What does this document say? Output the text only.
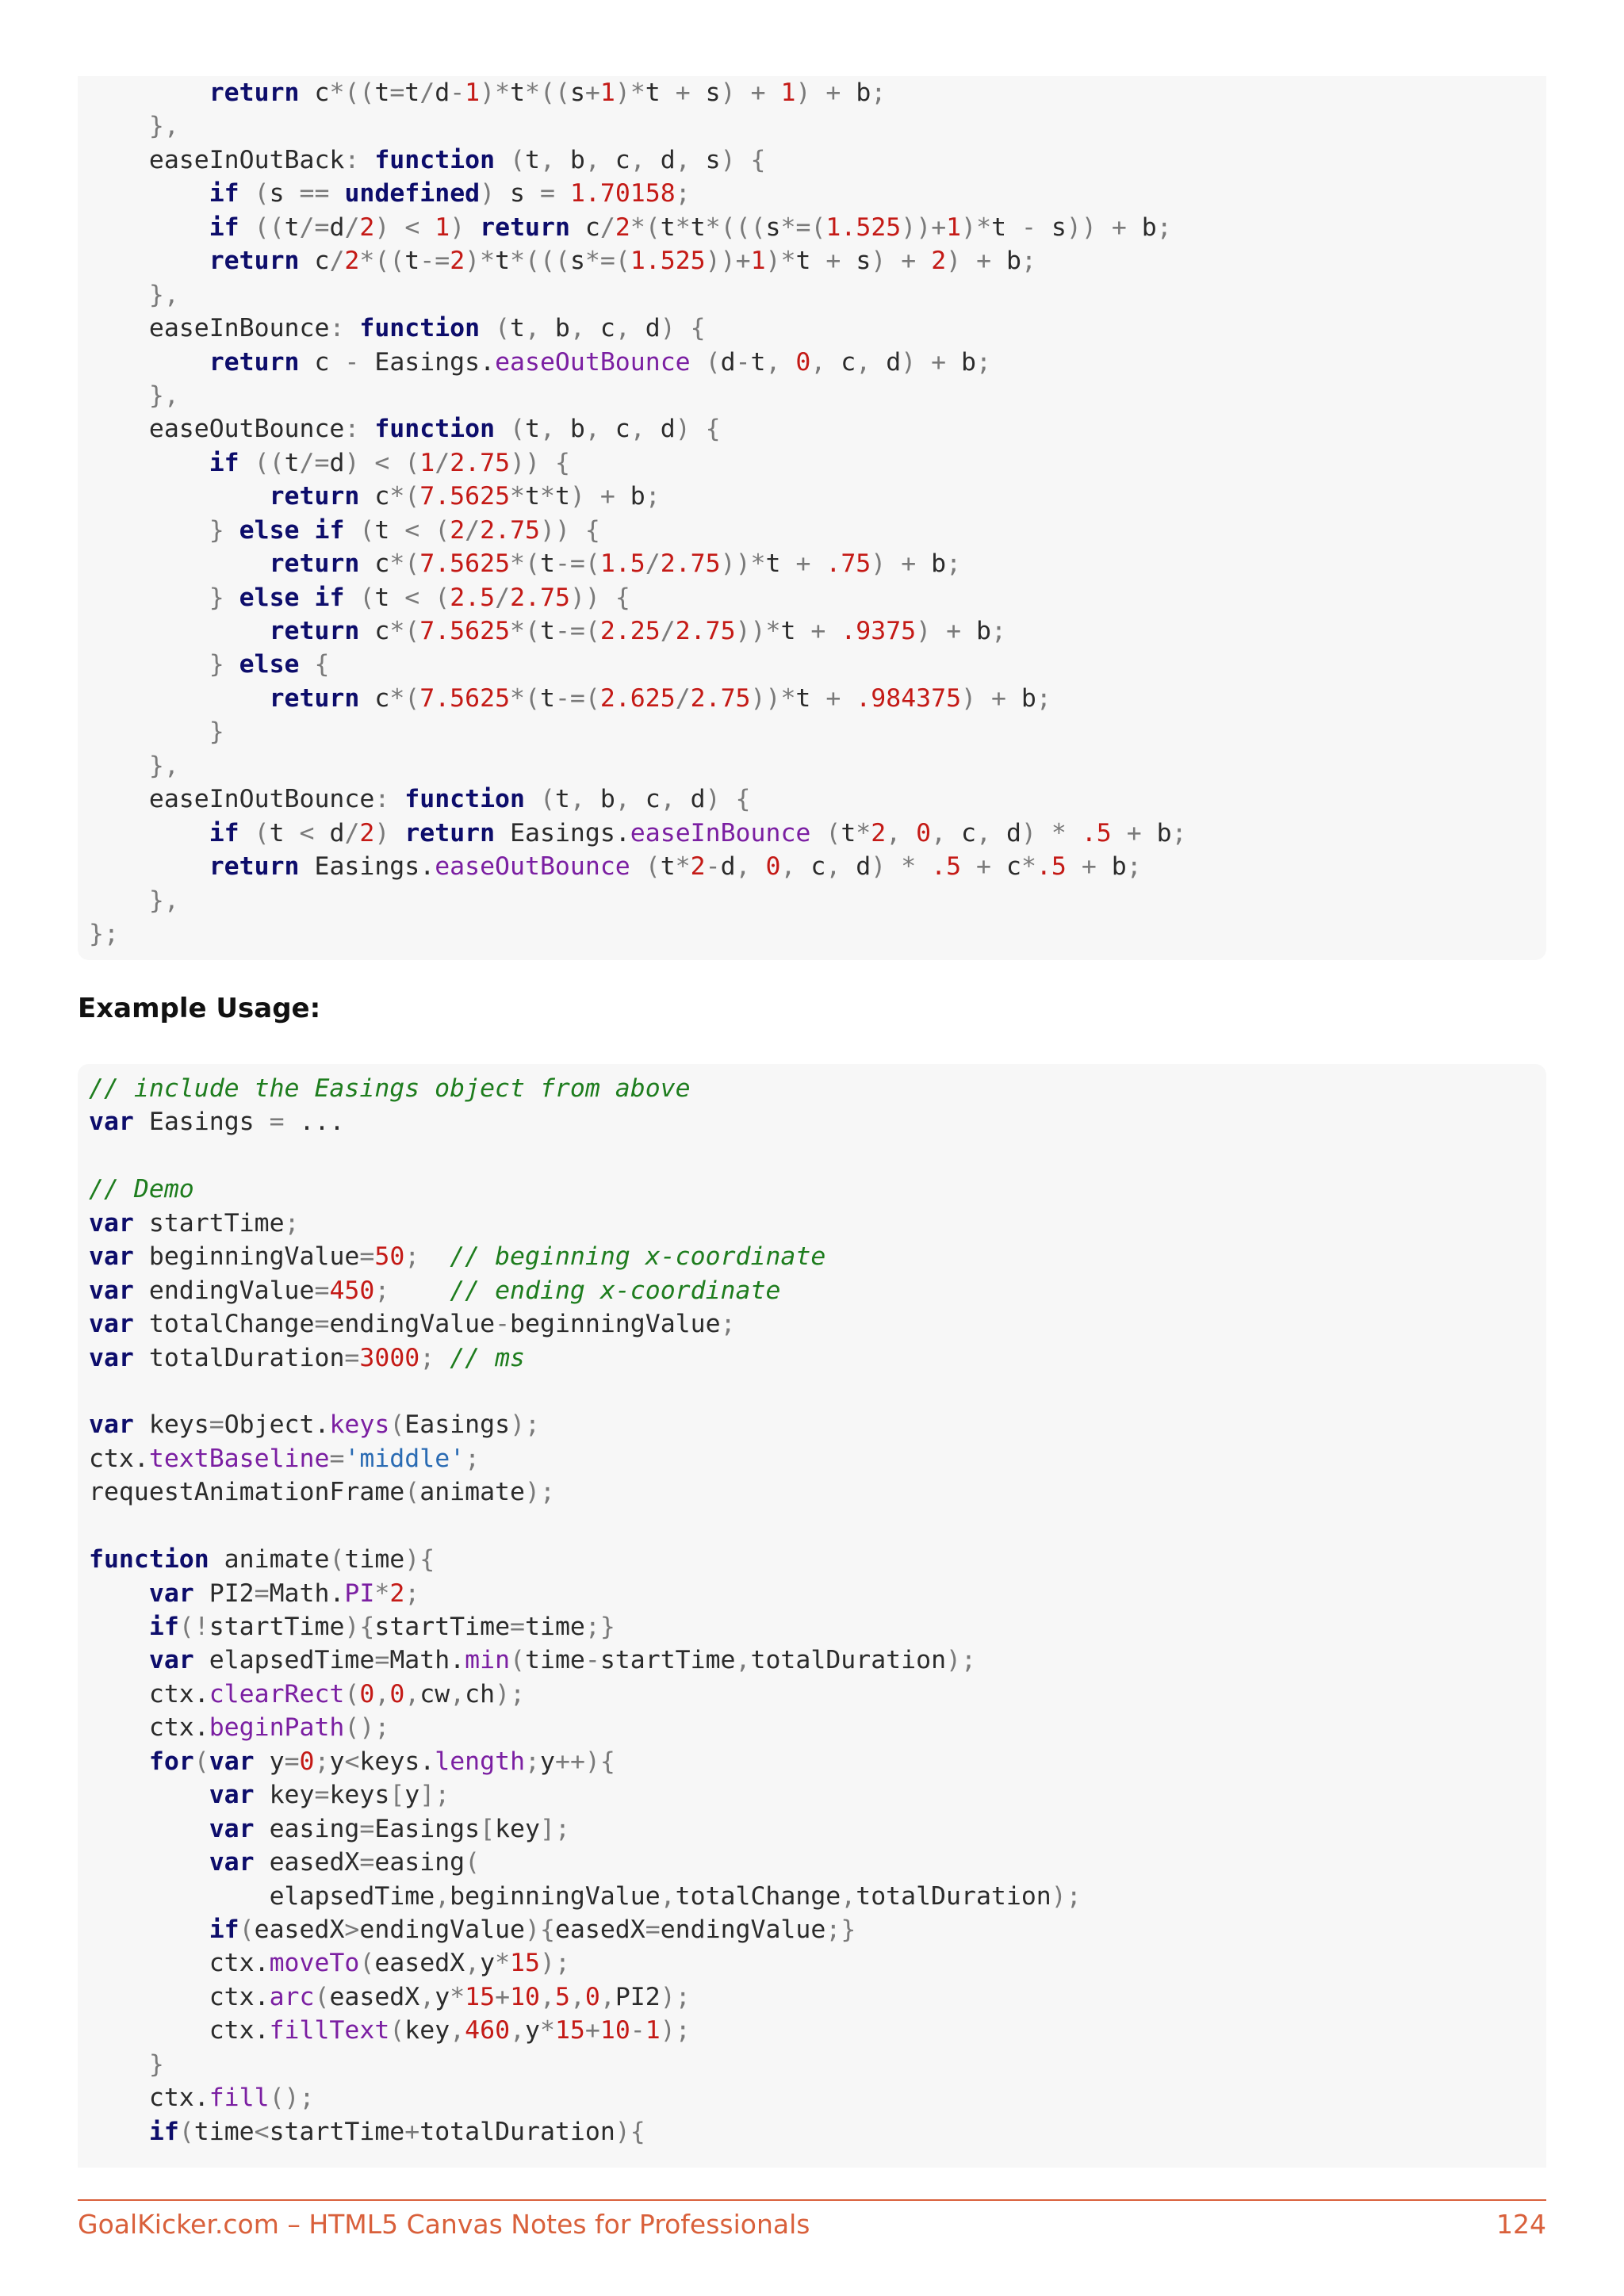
return c*((t=t/d-1)*t*((s+1)*t + s) + 1) + b;
},
easeInOutBack: function (t, b, c, d, s) {
if (s == undefined) s = 1.70158;
if ((t/=d/2) < 1) return c/2*(t*t*(((s*=(1.525))+1)*t - s)) + b;
return c/2*((t-=2)*t*(((s*=(1.525))+1)*t + s) + 2) + b;
},
easeInBounce: function (t, b, c, d) {
return c - Easings.easeOutBounce (d-t, 0, c, d) + b;
},
easeOutBounce: function (t, b, c, d) {
if ((t/=d) < (1/2.75)) {
return c*(7.5625*t*t) + b;
} else if (t < (2/2.75)) {
return c*(7.5625*(t-=(1.5/2.75))*t + .75) + b;
} else if (t < (2.5/2.75)) {
return c*(7.5625*(t-=(2.25/2.75))*t + .9375) + b;
} else {
return c*(7.5625*(t-=(2.625/2.75))*t + .984375) + b;
}
},
easeInOutBounce: function (t, b, c, d) {
if (t < d/2) return Easings.easeInBounce (t*2, 0, c, d) * .5 + b;
return Easings.easeOutBounce (t*2-d, 0, c, d) * .5 + c*.5 + b;
},
};
Example Usage:
// include the Easings object from above
var Easings = ...

// Demo
var startTime;
var beginningValue=50; // beginning x-coordinate
var endingValue=450; // ending x-coordinate
var totalChange=endingValue-beginningValue;
var totalDuration=3000; // ms

var keys=Object.keys(Easings);
ctx.textBaseline='middle';
requestAnimationFrame(animate);

function animate(time){
var PI2=Math.PI*2;
if(!startTime){startTime=time;}
var elapsedTime=Math.min(time-startTime,totalDuration);
ctx.clearRect(0,0,cw,ch);
ctx.beginPath();
for(var y=0;y<keys.length;y++){
var key=keys[y];
var easing=Easings[key];
var easedX=easing(
elapsedTime,beginningValue,totalChange,totalDuration);
if(easedX>endingValue){easedX=endingValue;}
ctx.moveTo(easedX,y*15);
ctx.arc(easedX,y*15+10,5,0,PI2);
ctx.fillText(key,460,y*15+10-1);
}
ctx.fill();
if(time<startTime+totalDuration){
GoalKicker.com – HTML5 Canvas Notes for Professionals	124
